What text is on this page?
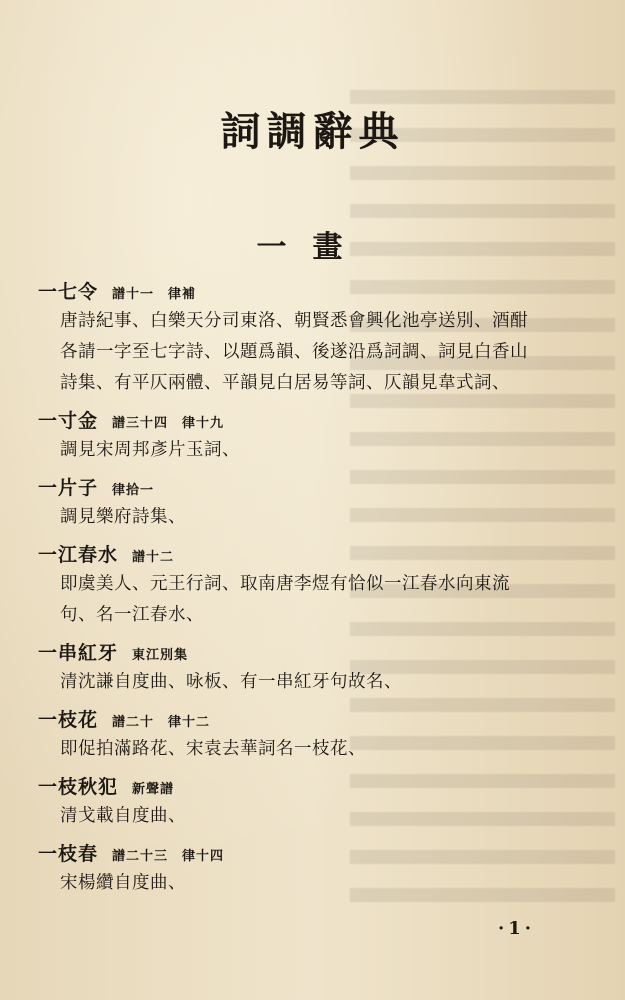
詞調辭典
一畫
一七令 譜十一 律補
唐詩紀事、白樂天分司東洛、朝賢悉會興化池亭送別、酒酣
各請一字至七字詩、以題爲韻、後遂沿爲詞調、詞見白香山
詩集、有平仄兩體、平韻見白居易等詞、仄韻見韋式詞、
一寸金 譜三十四 律十九
調見宋周邦彥片玉詞、
一片子 律拾一
調見樂府詩集、
一江春水 譜十二
即虞美人、元王行詞、取南唐李煜有恰似一江春水向東流
句、名一江春水、
一串紅牙 東江別集
清沈謙自度曲、咏板、有一串紅牙句故名、
一枝花 譜二十 律十二
即促拍滿路花、宋袁去華詞名一枝花、
一枝秋犯 新聲譜
清戈載自度曲、
一枝春 譜二十三 律十四
宋楊纘自度曲、
·1·
